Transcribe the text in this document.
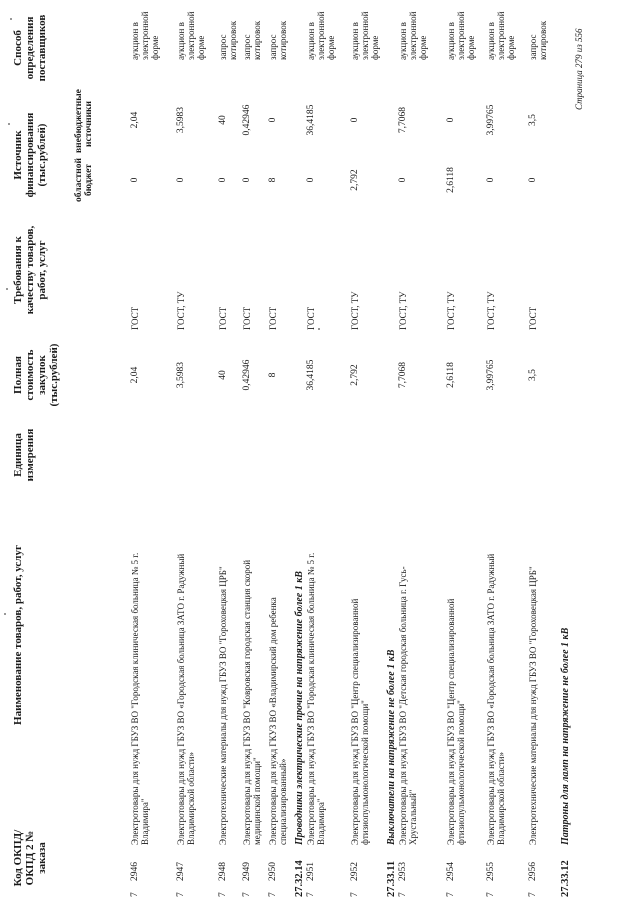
Код ОКПД/ ОКПД 2 № заказа
Наименование товаров, работ, услуг
Единица измерения
Полная стоимость закупок (тыс.рублей)
Требования к качеству товаров, работ, услуг
Источник финансирования (тыс.рублей)	областной бюджет
внебюджетные источники
Способ определения поставщиков
7
2946
Электротовары для нужд ГБУЗ ВО "Городская клиническая больница № 5 г. Владимира"
2,04
ГОСТ
0
2,04
аукцион в электронной форме
7
2947
Электротовары для нужд ГБУЗ ВО «Городская больница ЗАТО г. Радужный Владимирской области»
3,5983
ГОСТ, ТУ
0
3,5983
аукцион в электронной форме
7
2948
Электротехнические материалы для нужд ГБУЗ ВО "Гороховецкая ЦРБ"
40
ГОСТ
0
40
запрос котировок
7
2949
Электротовары для нужд ГБУЗ ВО "Ковровская городская станция скорой медицинской помощи"
0,42946
ГОСТ
0
0,42946
запрос котировок
7
2950
Электротовары для нужд ГКУЗ ВО «Владимирский дом ребенка специализированный»
8
ГОСТ
8
0
запрос котировок
27.32.14
Проводники электрические прочие на напряжение более 1 кВ
7
2951
Электротовары для нужд ГБУЗ ВО "Городская клиническая больница № 5 г. Владимира"
36,4185
ГОСТ
0
36,4185
аукцион в электронной форме
7
2952
Электротовары для нужд ГБУЗ ВО "Центр специализированной фтизиопульмонологической помощи"
2,792
ГОСТ, ТУ
2,792
0
аукцион в электронной форме
27.33.11
Выключатели на напряжение не более 1 кВ
7
2953
Электротовары для нужд ГБУЗ ВО "Детская городская больница г. Гусь-Хрустальный"
7,7068
ГОСТ, ТУ
0
7,7068
аукцион в электронной форме
7
2954
Электротовары для нужд ГБУЗ ВО "Центр специализированной фтизиопульмонологической помощи"
2,6118
ГОСТ, ТУ
2,6118
0
аукцион в электронной форме
7
2955
Электротовары для нужд ГБУЗ ВО «Городская больница ЗАТО г. Радужный Владимирской области»
3,99765
ГОСТ, ТУ
0
3,99765
аукцион в электронной форме
7
2956
Электротехнические материалы для нужд ГБУЗ ВО "Гороховецкая ЦРБ"
3,5
ГОСТ
0
3,5
запрос котировок
27.33.12
Патроны для ламп на напряжение не более 1 кВ
Страница 279 из 556
